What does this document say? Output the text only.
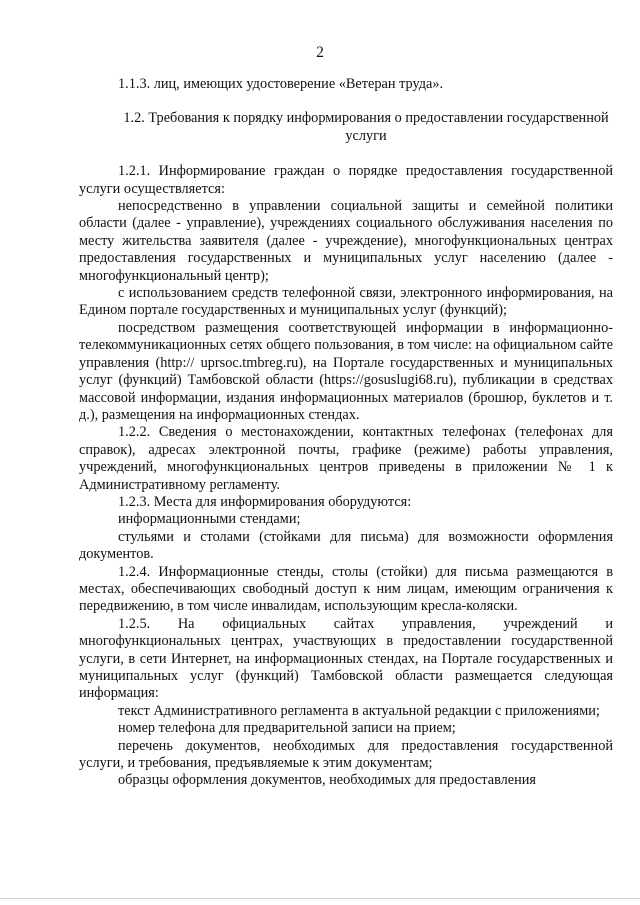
2

1.1.3. лиц, имеющих удостоверение «Ветеран труда».

1.2. Требования к порядку информирования о предоставлении государственной услуги

1.2.1. Информирование граждан о порядке предоставления государственной услуги осуществляется:

непосредственно в управлении социальной защиты и семейной политики области (далее - управление), учреждениях социального обслуживания населения по месту жительства заявителя (далее - учреждение), многофункциональных центрах предоставления государственных и муниципальных услуг населению (далее - многофункциональный центр);

с использованием средств телефонной связи, электронного информирования, на Едином портале государственных и муниципальных услуг (функций);

посредством размещения соответствующей информации в информационно-телекоммуникационных сетях общего пользования, в том числе: на официальном сайте управления (http:// uprsoc.tmbreg.ru), на Портале государственных и муниципальных услуг (функций) Тамбовской области (https://gosuslugi68.ru), публикации в средствах массовой информации, издания информационных материалов (брошюр, буклетов и т. д.), размещения на информационных стендах.

1.2.2. Сведения о местонахождении, контактных телефонах (телефонах для справок), адресах электронной почты, графике (режиме) работы управления, учреждений, многофункциональных центров приведены в приложении № 1 к Административному регламенту.

1.2.3. Места для информирования оборудуются:

информационными стендами;

стульями и столами (стойками для письма) для возможности оформления документов.

1.2.4. Информационные стенды, столы (стойки) для письма размещаются в местах, обеспечивающих свободный доступ к ним лицам, имеющим ограничения к передвижению, в том числе инвалидам, использующим кресла-коляски.

1.2.5. На официальных сайтах управления, учреждений и многофункциональных центрах, участвующих в предоставлении государственной услуги, в сети Интернет, на информационных стендах, на Портале государственных и муниципальных услуг (функций) Тамбовской области размещается следующая информация:

текст Административного регламента в актуальной редакции с приложениями;

номер телефона для предварительной записи на прием;

перечень документов, необходимых для предоставления государственной услуги, и требования, предъявляемые к этим документам;

образцы оформления документов, необходимых для предоставления
